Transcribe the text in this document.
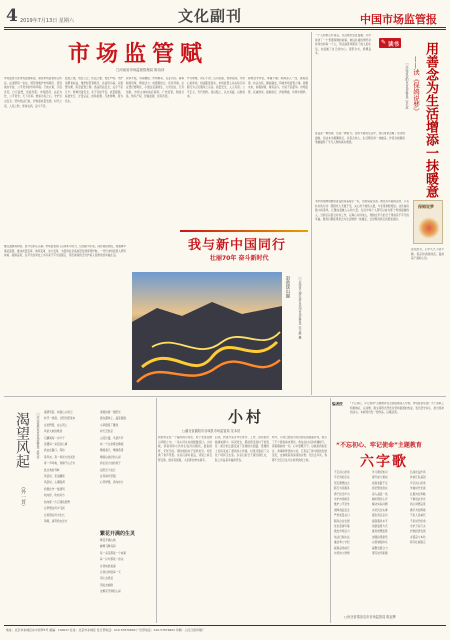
4 2019年7月13日 星期六	文化副刊	中国市场监管报
市场监管赋
□河南省市场监督管理局 陈诗泽
市场监管行使市场监管职能，承担市场监管综合执法、反垄断统一执法、规范和维护市场秩序，营造诚实守信、公平竞争的市场环境。天地玄黄，宇宙洪荒，日月盈昃，辰宿列张；市场经济，法治为先，公平竞争，天下共享。秉承为民之心，守护舌尖安全；坚持依法行政，护航高质量发展。时代之需，人民之盼，使命在肩，奋斗不息。
监管之道，贵在公正；执法之要，贵在严明。守护消费者权益，维护经营者秩序，以信用为基，以智慧为翼，织密监管之网。食品药品安全，关乎千家万户；特种设备安全，系于百姓平安。质量强国，标准先行，计量认证，检验检测，凡此种种，皆为民生。
改革开放，风雨兼程；市场繁荣，百业兴旺。商事制度改革，释放活力；放管服结合，优化环境。企业登记便利化，小微企业蓬勃生，大众创业，万众创新，市场主体如雨后春笋。广告监管，网络交易，知识产权，价格监督，皆有所依。
岁月如歌，初心不改；山河壮丽，使命在前。守初心担使命，找差距抓落实，市场监管人以实际行动践行为人民服务之宗旨。质量安全，人人有责；公平正义，代代相传。是以赋之，以志其盛，以励将来。
抑或坚守岗位，寒暑不辍；抑或深入一线，排查隐患。执法为民，勤政廉洁，铸就市场监管之魂。放眼未来，前程似锦，唯有奋斗，方能不负韶华。市场监管，任重道远，砥砺前行，再创辉煌，共筑中国梦。
我与新中国同行
壮丽70年 奋斗新时代
彩带绕山巅	□云南省大理白族自治州市场监管局 朱文静 摄
雄关漫道真如铁，而今迈步从头越。市场监管部门以改革为动力，以创新为引领，深化简政放权，加强事中事后监管，推动质量变革、效率变革、动力变革，为经济社会高质量发展保驾护航。一代代市场监管人栉风沐雨、砥砺奋进，在平凡的岗位上书写着不平凡的篇章，用忠诚和担当守护着人民群众的幸福生活。
一个人如果心怀善意，生活便会处处温暖。书中讲述了一个普通保姆的故事，她以朴素的情怀对待身边的每一个人，用点滴善举照亮了他人的生活，也温暖了自己的内心。读罢全书，感慨良多。
✎ 读书 用善念为生活增添一抹暖意
——读《保姆说梦》
□河南省安阳市市场监管局 宋长波
善良是一种选择，也是一种能力。在快节奏的生活中，我们常常忽略了身边的温暖，而这本书提醒我们，以善念待人，生活便会添一抹暖意。作者以细腻的笔触描绘了平凡人物的真实情感。
保姆说梦
书中的保姆用她的善良感染着雇主一家，也感染着读者。她没有华丽的言辞，只有朴实的行动：照顾老人无微不至，关心孩子细致入微，与邻里和睦相处。这些看似微小的善举，汇聚成温暖人心的力量。生活中每个人都可以成为那个传递温暖的人。当我们以善念对待工作，以真心对待他人，便能在平凡的日子里收获不平凡的幸福。愿我们都能用善念为生活增添一抹暖意，让世界因我们而更加美好。
读完此书，心中久久不能平静。善意如涓涓细流，滋润着干涸的心田。
渴望风起
（外一首）
□河北省邢台市市场监管局 谷军芳 渴望风起，吹散心头的云
吹开一扇窗，让阳光照进来
在田野里，在山冈上
风是大地的歌者
它翻阅每一片叶子
读懂每一朵花的心事
我站在路口，等待
等风来，等一场远方的消息
等一声呼唤，穿越千山万水
抵达我的耳畔
风起时，麦浪翻滚
风起时，心潮澎湃
我愿化作一缕清风
吹向你，吹向远方
吹向那一片辽阔的原野
让梦想在风中飞扬
让希望在风中生长
风啊，请带我去远方
繁花开满的生灵
清晨的第一缕阳光
洒在露珠上，晶莹剔透
小草挺直了腰身
向天空致意
山花烂漫，鸟语声声
每一个生命都在歌唱
歌唱春天，歌唱希望
歌唱这美好的人间
我们是大地的孩子
在阳光下成长
在风雨中坚强
心怀梦想，奔向远方
繁花开满山坡
蜂蝶飞舞其间
每一朵花都是一个故事
每一片叶都是一首诗
生命如此美丽
让我们珍惜每一天
用心去感受
用爱去拥抱
这繁花开满的人间
小村
□湖北省襄阳市谷城县市场监管局 龙本初
我的老家在一个偏远的小村庄，村子坐落在群山环抱之中，一条小河从村前缓缓流过。小时候，我常常和小伙伴们在河边嬉戏，捉鱼摸虾，无忧无虑。那时候的村子虽然贫穷，却充满了欢声笑语。乡亲们淳朴善良，邻里之间互帮互助，谁家有困难，大家都会伸出援手。
后来，我离开家乡外出求学、工作，回村的次数越来越少。每次回去，都能感受到村子的变化：泥泞的土路变成了宽阔的水泥路，低矮的土坯房变成了漂亮的小洋楼，村里还建起了文化广场和卫生室。乡亲们的日子越过越红火，脸上洋溢着幸福的笑容。
如今，小村已经成为远近闻名的美丽乡村，吸引了不少游客前来观光。我站在村头的老槐树下，望着眼前的一切，心中感慨万千。这就是我的家乡，我魂牵梦绕的小村，它见证了新中国的发展变化，也承载着我深深的乡愁。无论走多远，我都不会忘记这片生我养我的土地。
编者按	“不忘初心、牢记使命”主题教育在全国各地深入开展。市场监管系统广大干部职工积极响应，以诗歌、散文等形式抒发对党和祖国的热爱，表达坚守初心、担当使命的决心。本版特刊发一组作品，以飨读者。
“不忘初心、牢记使命”主题教育
六字歌
不忘初心使命
牢记党的宗旨
坚定理想信念
践行为民服务
勇于担当作为
守护市场秩序
维护公平竞争
保障食品安全
严把质量关口
服务企业发展
优化营商环境
激发市场活力
依法行政执法
廉洁奉公守纪
砥砺奋进前行
共筑伟大梦想
学习理论知识
提升能力素质
找准差距不足
抓好整改落实
深入基层一线
倾听群众心声
解决实际问题
办好民生实事
强化责任意识
提高服务水平
创新监管方式
推进智慧监管
加强信用建设
完善制度体系
凝聚发展合力
谱写时代新篇
弘扬优良作风
传承红色基因
牢记初心使命
争做时代先锋
扎根岗位奉献
干事创业争先
同心同德奋进
携手共创辉煌
不负人民重托
不负时代使命
守护万家灯火
护航经济发展
永葆奋斗本色
续写壮丽篇章
□河北省秦皇岛市市场监管局 陈业辉
地址：北京市东城区东中街甲5号 邮编：100027 社址：北京市东城区 发行部电话：010-57876800 广告部电话：010-57876802 印刷：人民日报印刷厂
